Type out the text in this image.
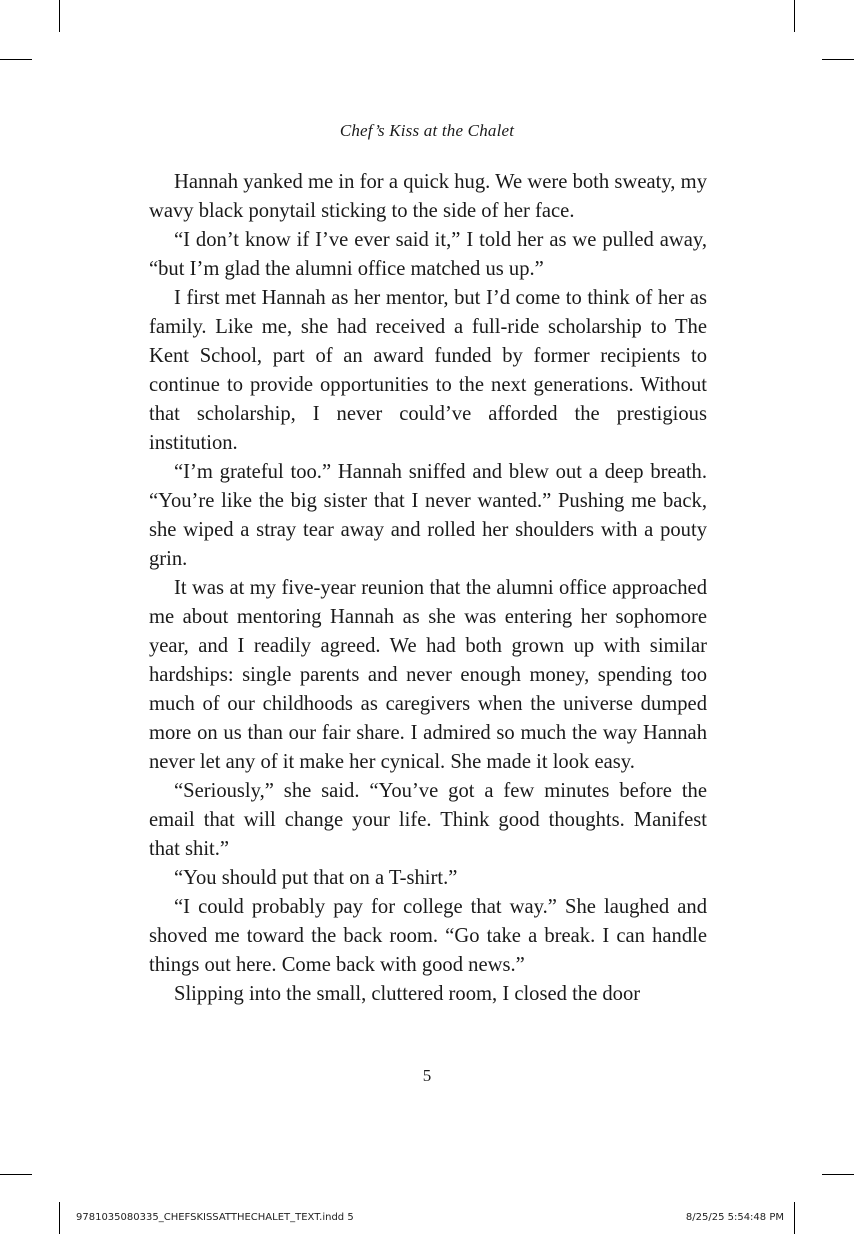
Chef’s Kiss at the Chalet

Hannah yanked me in for a quick hug. We were both sweaty, my wavy black ponytail sticking to the side of her face.

“I don’t know if I’ve ever said it,” I told her as we pulled away, “but I’m glad the alumni office matched us up.”

I first met Hannah as her mentor, but I’d come to think of her as family. Like me, she had received a full-ride scholarship to The Kent School, part of an award funded by former recipients to continue to provide opportunities to the next generations. Without that scholarship, I never could’ve afforded the prestigious institution.

“I’m grateful too.” Hannah sniffed and blew out a deep breath. “You’re like the big sister that I never wanted.” Pushing me back, she wiped a stray tear away and rolled her shoulders with a pouty grin.

It was at my five-year reunion that the alumni office approached me about mentoring Hannah as she was entering her sophomore year, and I readily agreed. We had both grown up with similar hardships: single parents and never enough money, spending too much of our childhoods as caregivers when the universe dumped more on us than our fair share. I admired so much the way Hannah never let any of it make her cynical. She made it look easy.

“Seriously,” she said. “You’ve got a few minutes before the email that will change your life. Think good thoughts. Manifest that shit.”

“You should put that on a T-shirt.”

“I could probably pay for college that way.” She laughed and shoved me toward the back room. “Go take a break. I can handle things out here. Come back with good news.”

Slipping into the small, cluttered room, I closed the door

5
9781035080335_CHEFSKISSATTHECHALET_TEXT.indd 5	8/25/25 5:54:48 PM
